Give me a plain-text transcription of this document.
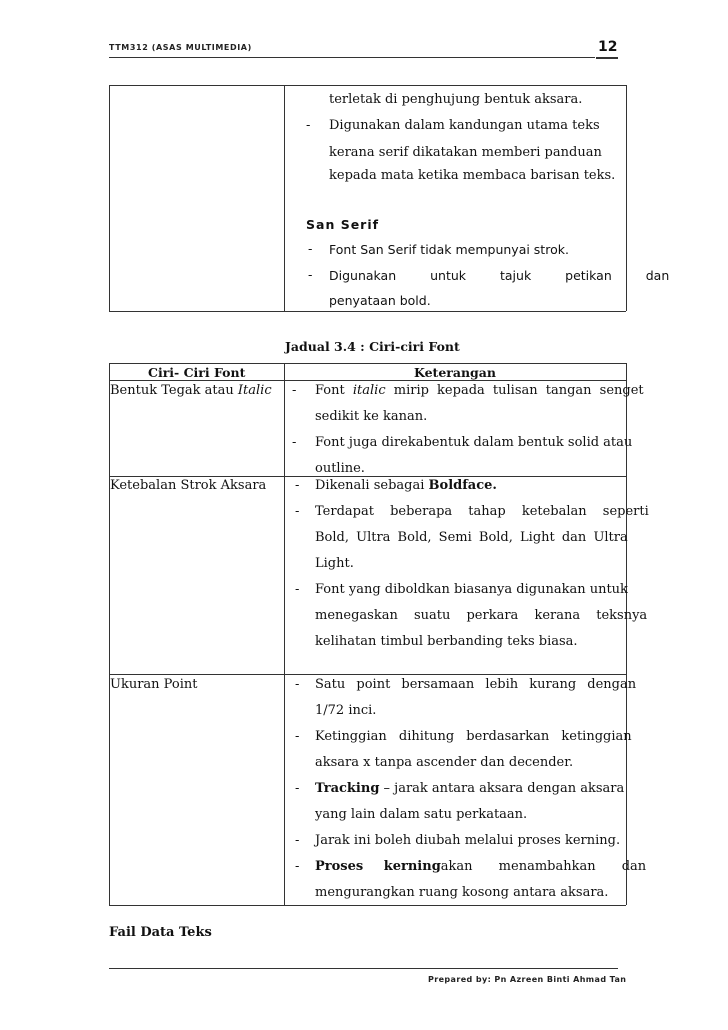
TTM312 (ASAS MULTIMEDIA)	12
terletak di penghujung bentuk aksara.
- Digunakan dalam kandungan utama teks
kerana serif dikatakan memberi panduan
kepada mata ketika membaca barisan teks.
San Serif
- Font San Serif tidak mempunyai strok.
- Digunakan untuk tajuk petikan dan
penyataan bold.
Jadual 3.4 : Ciri-ciri Font
Ciri- Ciri Font	Keterangan
Bentuk Tegak atau Italic - Font italic mirip kepada tulisan tangan senget
sedikit ke kanan.
- Font juga direkabentuk dalam bentuk solid atau
outline.
Ketebalan Strok Aksara - Dikenali sebagai Boldface.
- Terdapat beberapa tahap ketebalan seperti
Bold, Ultra Bold, Semi Bold, Light dan Ultra
Light.
- Font yang diboldkan biasanya digunakan untuk
menegaskan suatu perkara kerana teksnya
kelihatan timbul berbanding teks biasa.
Ukuran Point	- Satu point bersamaan lebih kurang dengan
1/72 inci.
- Ketinggian dihitung berdasarkan ketinggian
aksara x tanpa ascender dan decender.
- Tracking – jarak antara aksara dengan aksara
yang lain dalam satu perkataan.
- Jarak ini boleh diubah melalui proses kerning.
- Proses kerning akan menambahkan dan
mengurangkan ruang kosong antara aksara.
Fail Data Teks
Prepared by: Pn Azreen Binti Ahmad Tan
